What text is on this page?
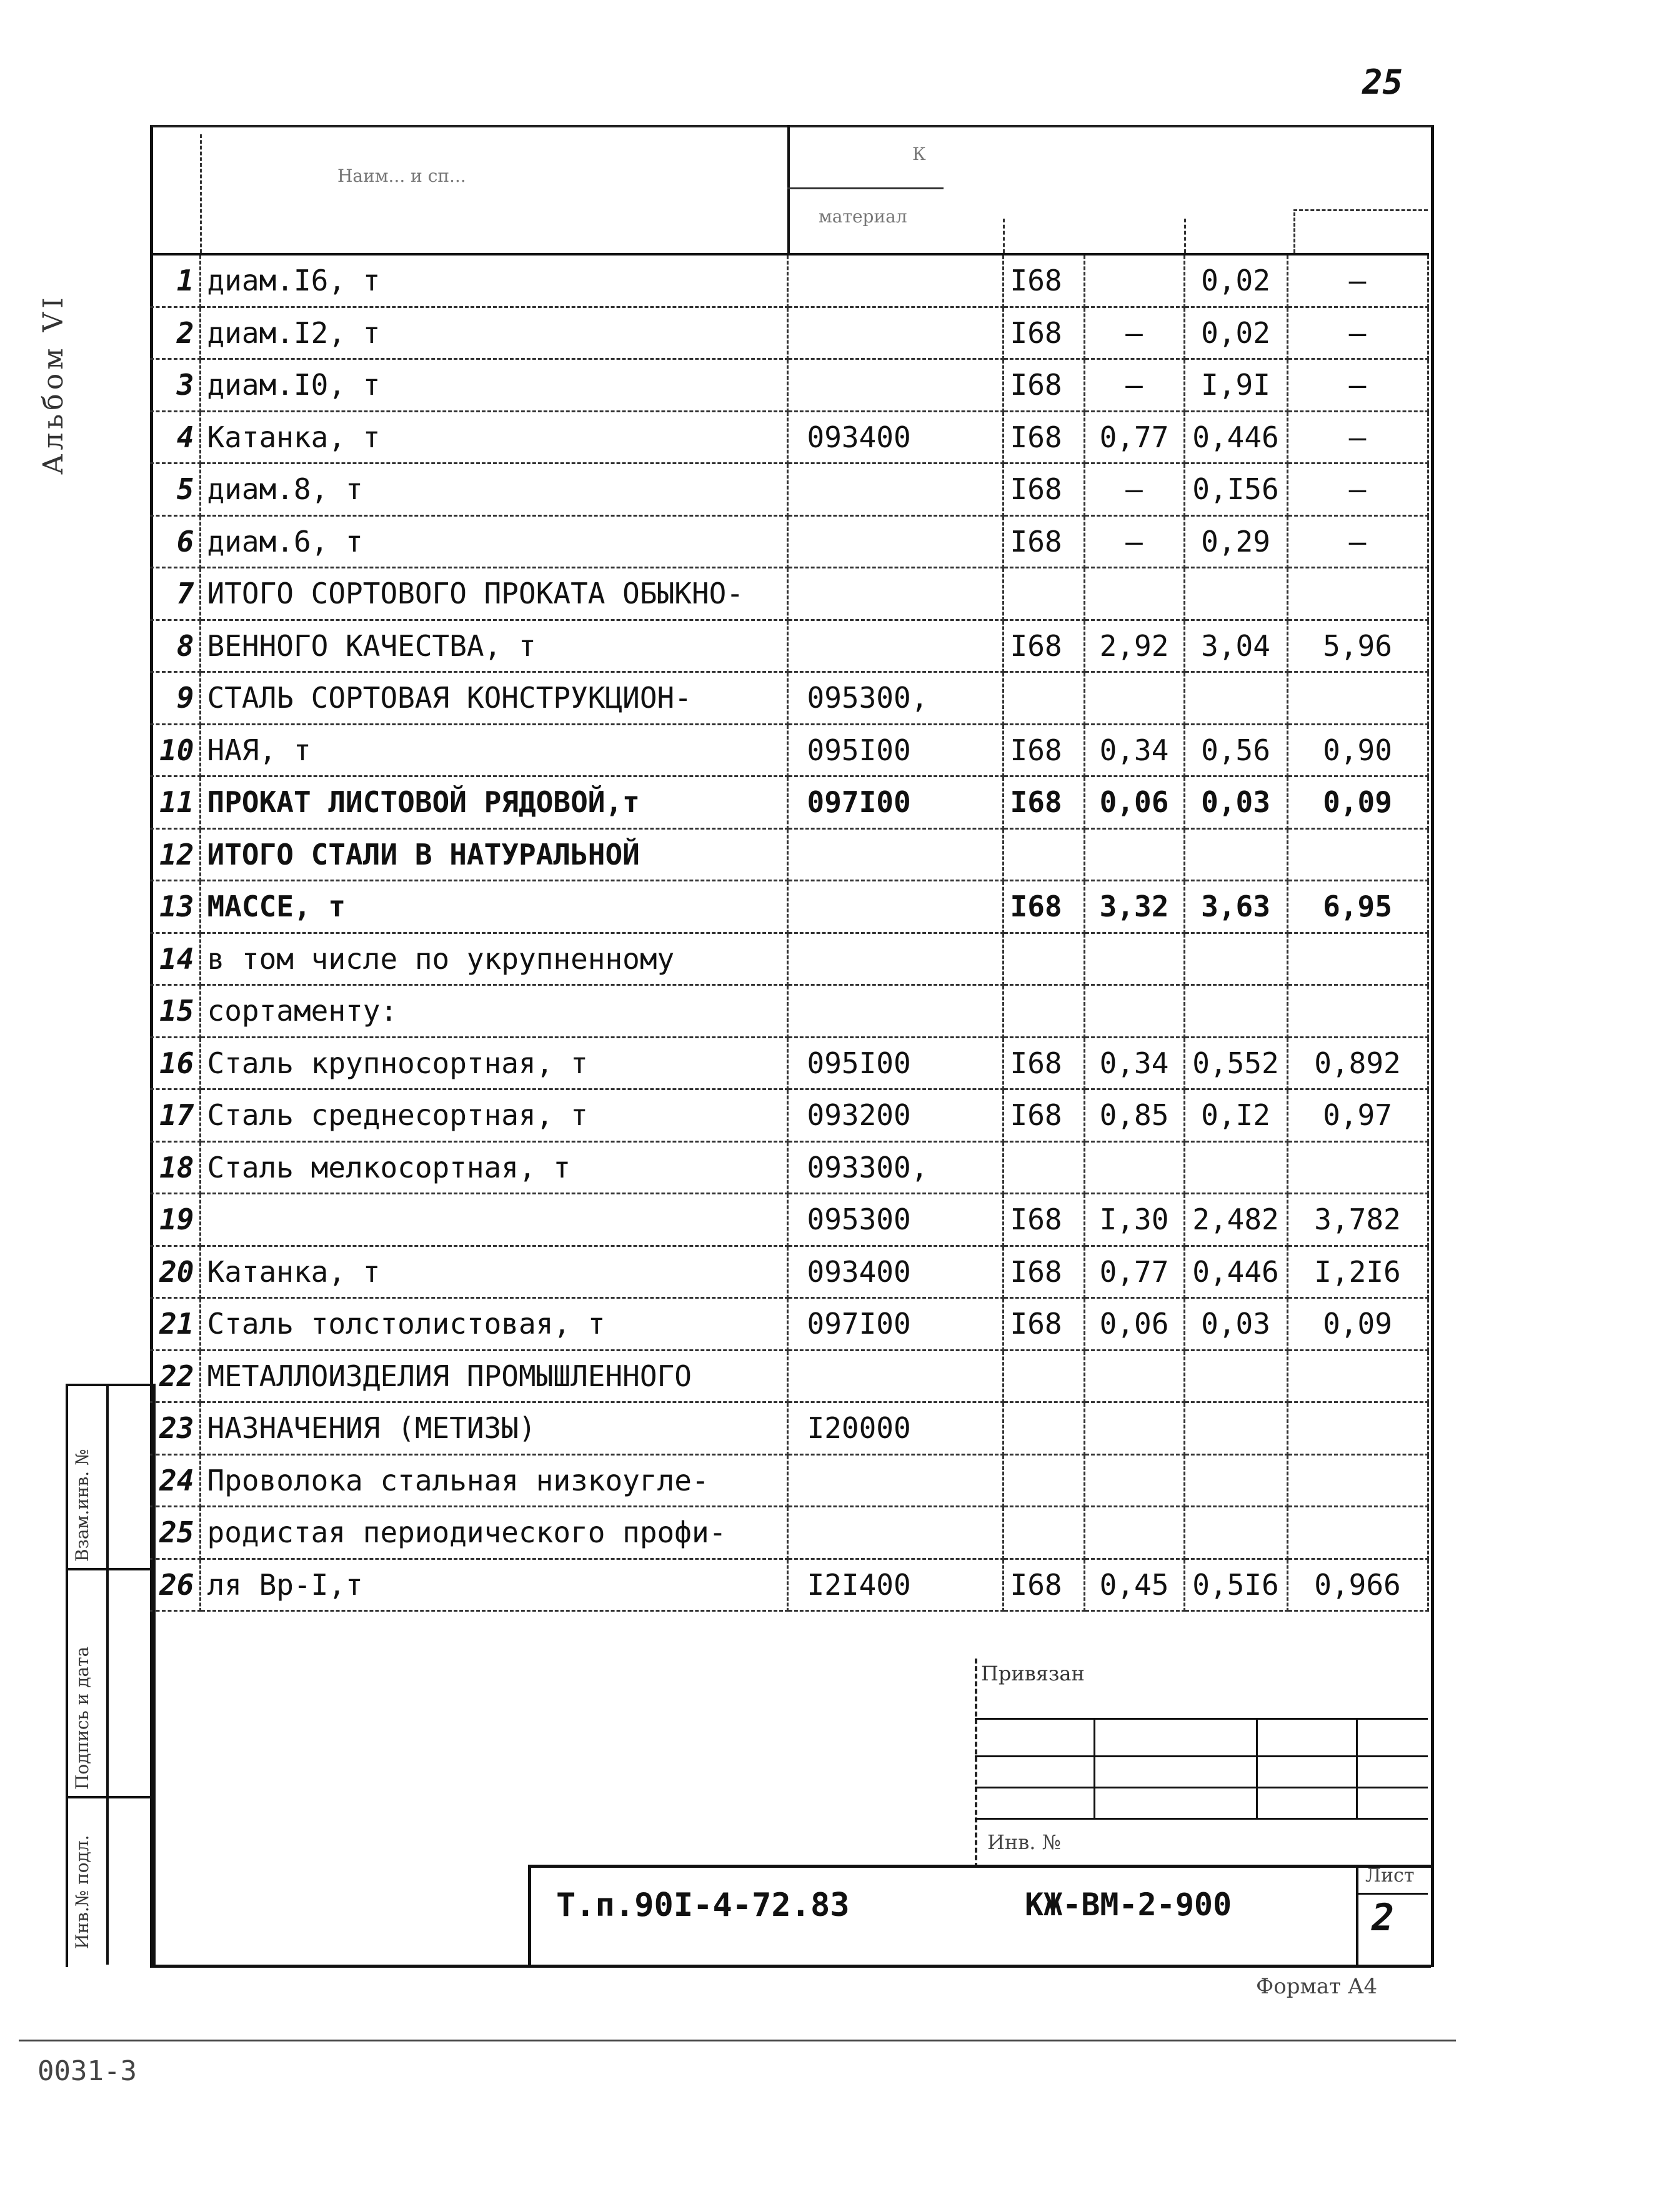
25
Альбом VI
Наим... и сп...
материал
К
1	диам.I6, т		I68		0,02	–
2	диам.I2, т		I68	–	0,02	–
3	диам.I0, т		I68	–	I,9I	–
4	Катанка, т	093400	I68	0,77	0,446	–
5	диам.8, т		I68	–	0,I56	–
6	диам.6, т		I68	–	0,29	–
7	ИТОГО СОРТОВОГО ПРОКАТА ОБЫКНО-					
8	ВЕННОГО КАЧЕСТВА, т		I68	2,92	3,04	5,96
9	СТАЛЬ СОРТОВАЯ КОНСТРУКЦИОН-	095300,				
10	НАЯ, т	095I00	I68	0,34	0,56	0,90
11	ПРОКАТ ЛИСТОВОЙ РЯДОВОЙ,т	097I00	I68	0,06	0,03	0,09
12	ИТОГО СТАЛИ В НАТУРАЛЬНОЙ					
13	МАССЕ, т		I68	3,32	3,63	6,95
14	в том числе по укрупненному					
15	сортаменту:					
16	Сталь крупносортная, т	095I00	I68	0,34	0,552	0,892
17	Сталь среднесортная, т	093200	I68	0,85	0,I2	0,97
18	Сталь мелкосортная, т	093300,				
19		095300	I68	I,30	2,482	3,782
20	Катанка, т	093400	I68	0,77	0,446	I,2I6
21	Сталь толстолистовая, т	097I00	I68	0,06	0,03	0,09
22	МЕТАЛЛОИЗДЕЛИЯ ПРОМЫШЛЕННОГО					
23	НАЗНАЧЕНИЯ (МЕТИЗЫ)	I20000				
24	Проволока стальная низкоугле-					
25	родистая периодического профи-					
26	ля Вр-I,т	I2I400	I68	0,45	0,5I6	0,966
Взам.инв. №
Подпись и дата
Инв.№ подл.
Привязан
Инв. №
Т.п.90I-4-72.83	КЖ-ВМ-2-900
Лист
2
Формат А4
0031-3
